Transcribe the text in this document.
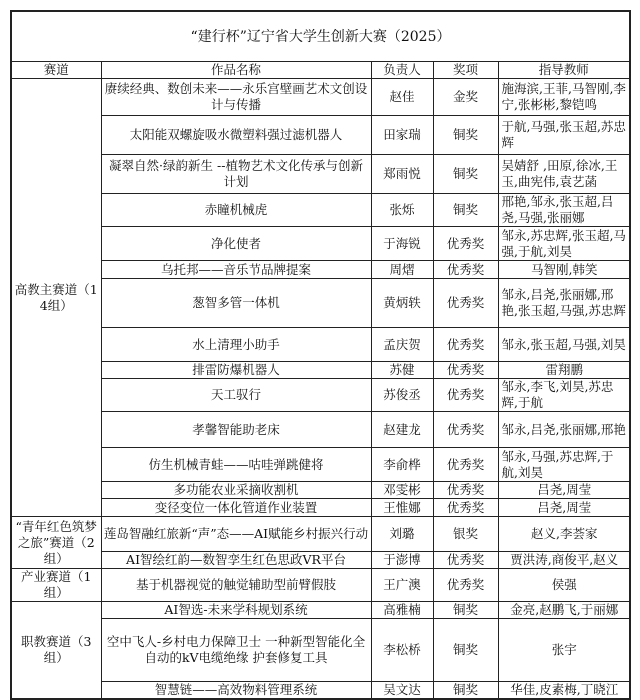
“建行杯”辽宁省大学生创新大赛（2025）				
赛道	作品名称	负责人	奖项	指导教师
高教主赛道（14组）	赓续经典、数创未来——永乐宫壁画艺术文创设计与传播	赵佳	金奖	施海滨,王菲,马智刚,李宁,张彬彬,黎铠鸣
	太阳能双螺旋吸水微塑料强过滤机器人	田家瑞	铜奖	于航,马强,张玉超,苏忠辉
	凝翠自然·绿韵新生 --植物艺术文化传承与创新计划	郑雨悦	铜奖	吴婧舒 ,田原,徐冰,王玉,曲宪伟,袁艺菡
	赤瞳机械虎	张烁	铜奖	邢艳,邹永,张玉超,吕尧,马强,张丽娜
	净化使者	于海锐	优秀奖	邹永,苏忠辉,张玉超,马强,于航,刘昊
	乌托邦——音乐节品牌提案	周熠	优秀奖	马智刚,韩笑
	葱智多管一体机	黄炳轶	优秀奖	邹永,吕尧,张丽娜,邢艳,张玉超,马强,苏忠辉
	水上清理小助手	孟庆贺	优秀奖	邹永,张玉超,马强,刘昊
	排雷防爆机器人	苏健	优秀奖	雷翔鹏
	天工驭行	苏俊丞	优秀奖	邹永,李飞,刘昊,苏忠辉,于航
	孝馨智能助老床	赵建龙	优秀奖	邹永,吕尧,张丽娜,邢艳
	仿生机械青蛙——咕哇弹跳健将	李俞桦	优秀奖	邹永,马强,苏忠辉,于航,刘昊
	多功能农业采摘收割机	邓雯彬	优秀奖	吕尧,周莹
	变径变位一体化管道作业装置	王惟娜	优秀奖	吕尧,周莹
“青年红色筑梦之旅”赛道（2组）	莲岛智融红旅新“声”态——AI赋能乡村振兴行动	刘璐	银奖	赵义,李荟家
	AI智绘红韵—数智孪生红色思政VR平台	于澎博	优秀奖	贾洪涛,商俊平,赵义
产业赛道（1组）	基于机器视觉的触觉辅助型前臂假肢	王广澳	优秀奖	侯强
职教赛道（3组）	AI智选-未来学科规划系统	高雅楠	铜奖	金亮,赵鹏飞,于丽娜
	空中飞人-乡村电力保障卫士 一种新型智能化全自动的kV电缆绝缘 护套修复工具	李松桥	铜奖	张宇
	智慧链——高效物料管理系统	吴文达	铜奖	华佳,皮素梅,丁晓江
